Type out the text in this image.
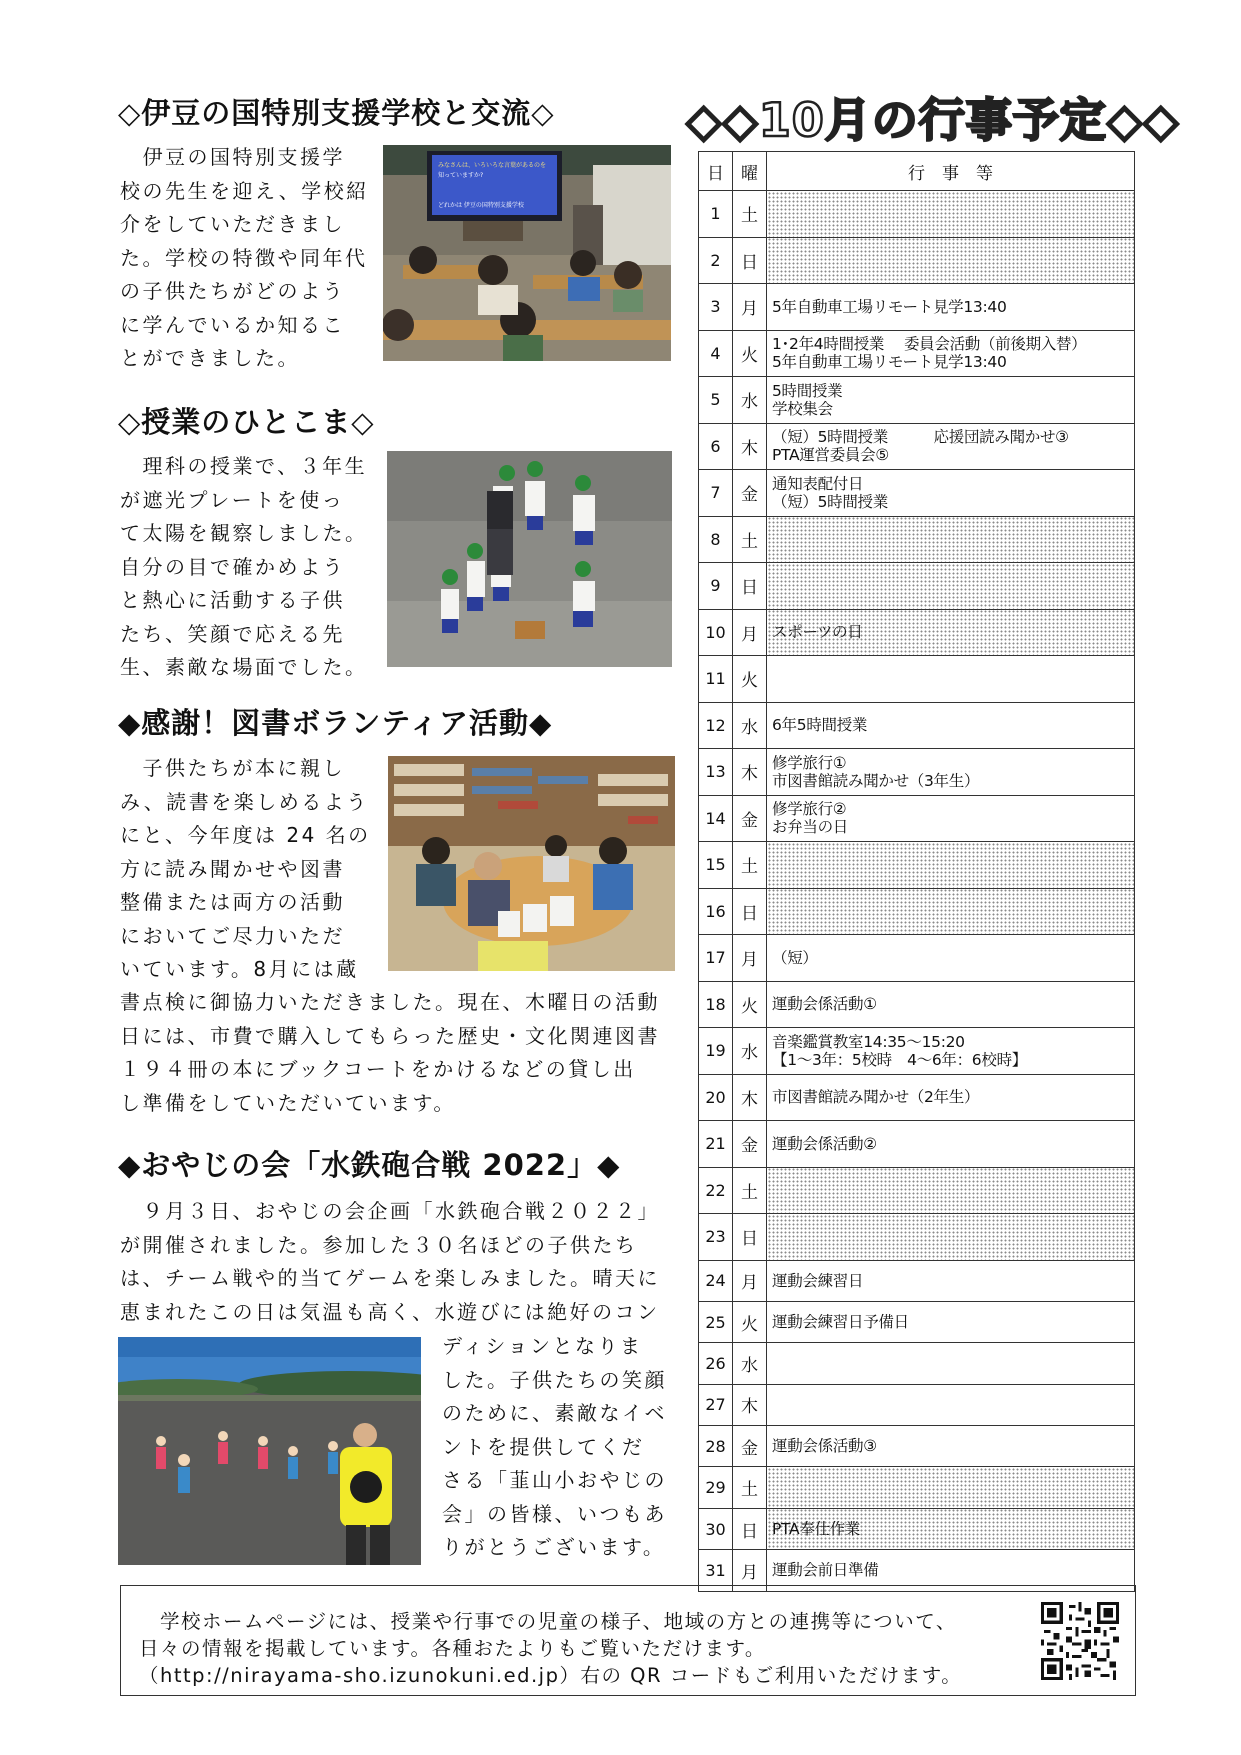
◇伊豆の国特別支援学校と交流◇

　伊豆の国特別支援学
校の先生を迎え、学校紹
介をしていただきまし
た。学校の特徴や同年代
の子供たちがどのよう
に学んでいるか知るこ
とができました。

みなさんは、いろいろな言葉があるのを
知っていますか?
どれかは 伊豆の国特別支援学校
◇授業のひとこま◇

　理科の授業で、３年生
が遮光プレートを使っ
て太陽を観察しました。
自分の目で確かめよう
と熱心に活動する子供
たち、笑顔で応える先
生、素敵な場面でした。

◆感謝！図書ボランティア活動◆

　子供たちが本に親し
み、読書を楽しめるよう
にと、今年度は 24 名の
方に読み聞かせや図書
整備または両方の活動
においてご尽力いただ
いています。8月には蔵

書点検に御協力いただきました。現在、木曜日の活動
日には、市費で購入してもらった歴史・文化関連図書
１９４冊の本にブックコートをかけるなどの貸し出
し準備をしていただいています。

◆おやじの会「水鉄砲合戦 2022」◆

　９月３日、おやじの会企画「水鉄砲合戦２０２２」
が開催されました。参加した３０名ほどの子供たち
は、チーム戦や的当てゲームを楽しみました。晴天に
恵まれたこの日は気温も高く、水遊びには絶好のコン

ディションとなりま
した。子供たちの笑顔
のために、素敵なイベ
ントを提供してくだ
さる「韮山小おやじの
会」の皆様、いつもあ
りがとうございます。

◇◇10月の行事予定◇◇
日	曜	行　事　等
1	土	
2	日	
3	月	5年自動車工場リモート見学13:40

4	火	1･2年4時間授業　 委員会活動（前後期入替）
5年自動車工場リモート見学13:40

5	水	5時間授業
学校集会

6	木	（短）5時間授業　　　応援団読み聞かせ③
PTA運営委員会⑤

7	金	通知表配付日
（短）5時間授業

8	土	
9	日	
10	月	スポーツの日

11	火	
12	水	6年5時間授業

13	木	修学旅行①
市図書館読み聞かせ（3年生）

14	金	修学旅行②
お弁当の日

15	土	
16	日	
17	月	（短）

18	火	運動会係活動①

19	水	音楽鑑賞教室14:35～15:20
【1～3年：5校時　4～6年：6校時】

20	木	市図書館読み聞かせ（2年生）

21	金	運動会係活動②

22	土	
23	日	
24	月	運動会練習日

25	火	運動会練習日予備日

26	水	
27	木	
28	金	運動会係活動③

29	土	
30	日	PTA奉仕作業

31	月	運動会前日準備

　学校ホームページには、授業や行事での児童の様子、地域の方との連携等について、
日々の情報を掲載しています。各種おたよりもご覧いただけます。
（http://nirayama-sho.izunokuni.ed.jp）右の QR コードもご利用いただけます。
